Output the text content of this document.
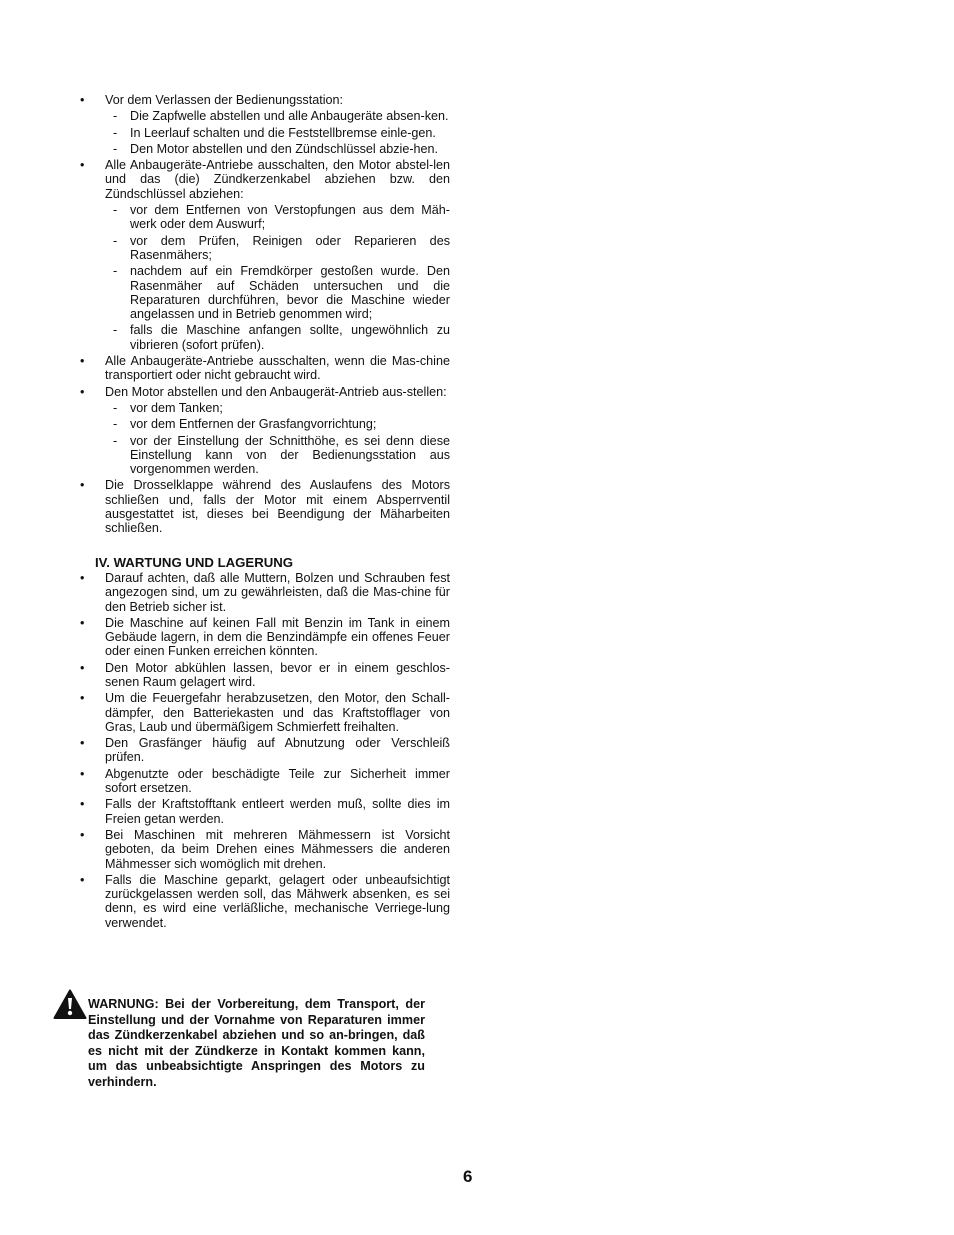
• Vor dem Verlassen der Bedienungsstation:
- Die Zapfwelle abstellen und alle Anbaugeräte absen-ken.
- In Leerlauf schalten und die Feststellbremse einle-gen.
- Den Motor abstellen und den Zündschlüssel abzie-hen.
• Alle Anbaugeräte-Antriebe ausschalten, den Motor abstel-len und das (die) Zündkerzenkabel abziehen bzw. den Zündschlüssel abziehen:
- vor dem Entfernen von Verstopfungen aus dem Mäh-werk oder dem Auswurf;
- vor dem Prüfen, Reinigen oder Reparieren des Rasenmähers;
- nachdem auf ein Fremdkörper gestoßen wurde. Den Rasenmäher auf Schäden untersuchen und die Reparaturen durchführen, bevor die Maschine wieder angelassen und in Betrieb genommen wird;
- falls die Maschine anfangen sollte, ungewöhnlich zu vibrieren (sofort prüfen).
• Alle Anbaugeräte-Antriebe ausschalten, wenn die Mas-chine transportiert oder nicht gebraucht wird.
• Den Motor abstellen und den Anbaugerät-Antrieb aus-stellen:
- vor dem Tanken;
- vor dem Entfernen der Grasfangvorrichtung;
- vor der Einstellung der Schnitthöhe, es sei denn diese Einstellung kann von der Bedienungsstation aus vorgenommen werden.
• Die Drosselklappe während des Auslaufens des Motors schließen und, falls der Motor mit einem Absperrventil ausgestattet ist, dieses bei Beendigung der Mäharbeiten schließen.
IV. WARTUNG UND LAGERUNG
• Darauf achten, daß alle Muttern, Bolzen und Schrauben fest angezogen sind, um zu gewährleisten, daß die Mas-chine für den Betrieb sicher ist.
• Die Maschine auf keinen Fall mit Benzin im Tank in einem Gebäude lagern, in dem die Benzindämpfe ein offenes Feuer oder einen Funken erreichen könnten.
• Den Motor abkühlen lassen, bevor er in einem geschlos-senen Raum gelagert wird.
• Um die Feuergefahr herabzusetzen, den Motor, den Schall-dämpfer, den Batteriekasten und das Kraftstofflager von Gras, Laub und übermäßigem Schmierfett freihalten.
• Den Grasfänger häufig auf Abnutzung oder Verschleiß prüfen.
• Abgenutzte oder beschädigte Teile zur Sicherheit immer sofort ersetzen.
• Falls der Kraftstofftank entleert werden muß, sollte dies im Freien getan werden.
• Bei Maschinen mit mehreren Mähmessern ist Vorsicht geboten, da beim Drehen eines Mähmessers die anderen Mähmesser sich womöglich mit drehen.
• Falls die Maschine geparkt, gelagert oder unbeaufsichtigt zurückgelassen werden soll, das Mähwerk absenken, es sei denn, es wird eine verläßliche, mechanische Verriege-lung verwendet.
WARNUNG: Bei der Vorbereitung, dem Transport, der Einstellung und der Vornahme von Reparaturen immer das Zündkerzenkabel abziehen und so an-bringen, daß es nicht mit der Zündkerze in Kontakt kommen kann, um das unbeabsichtigte Anspringen des Motors zu verhindern.
6
